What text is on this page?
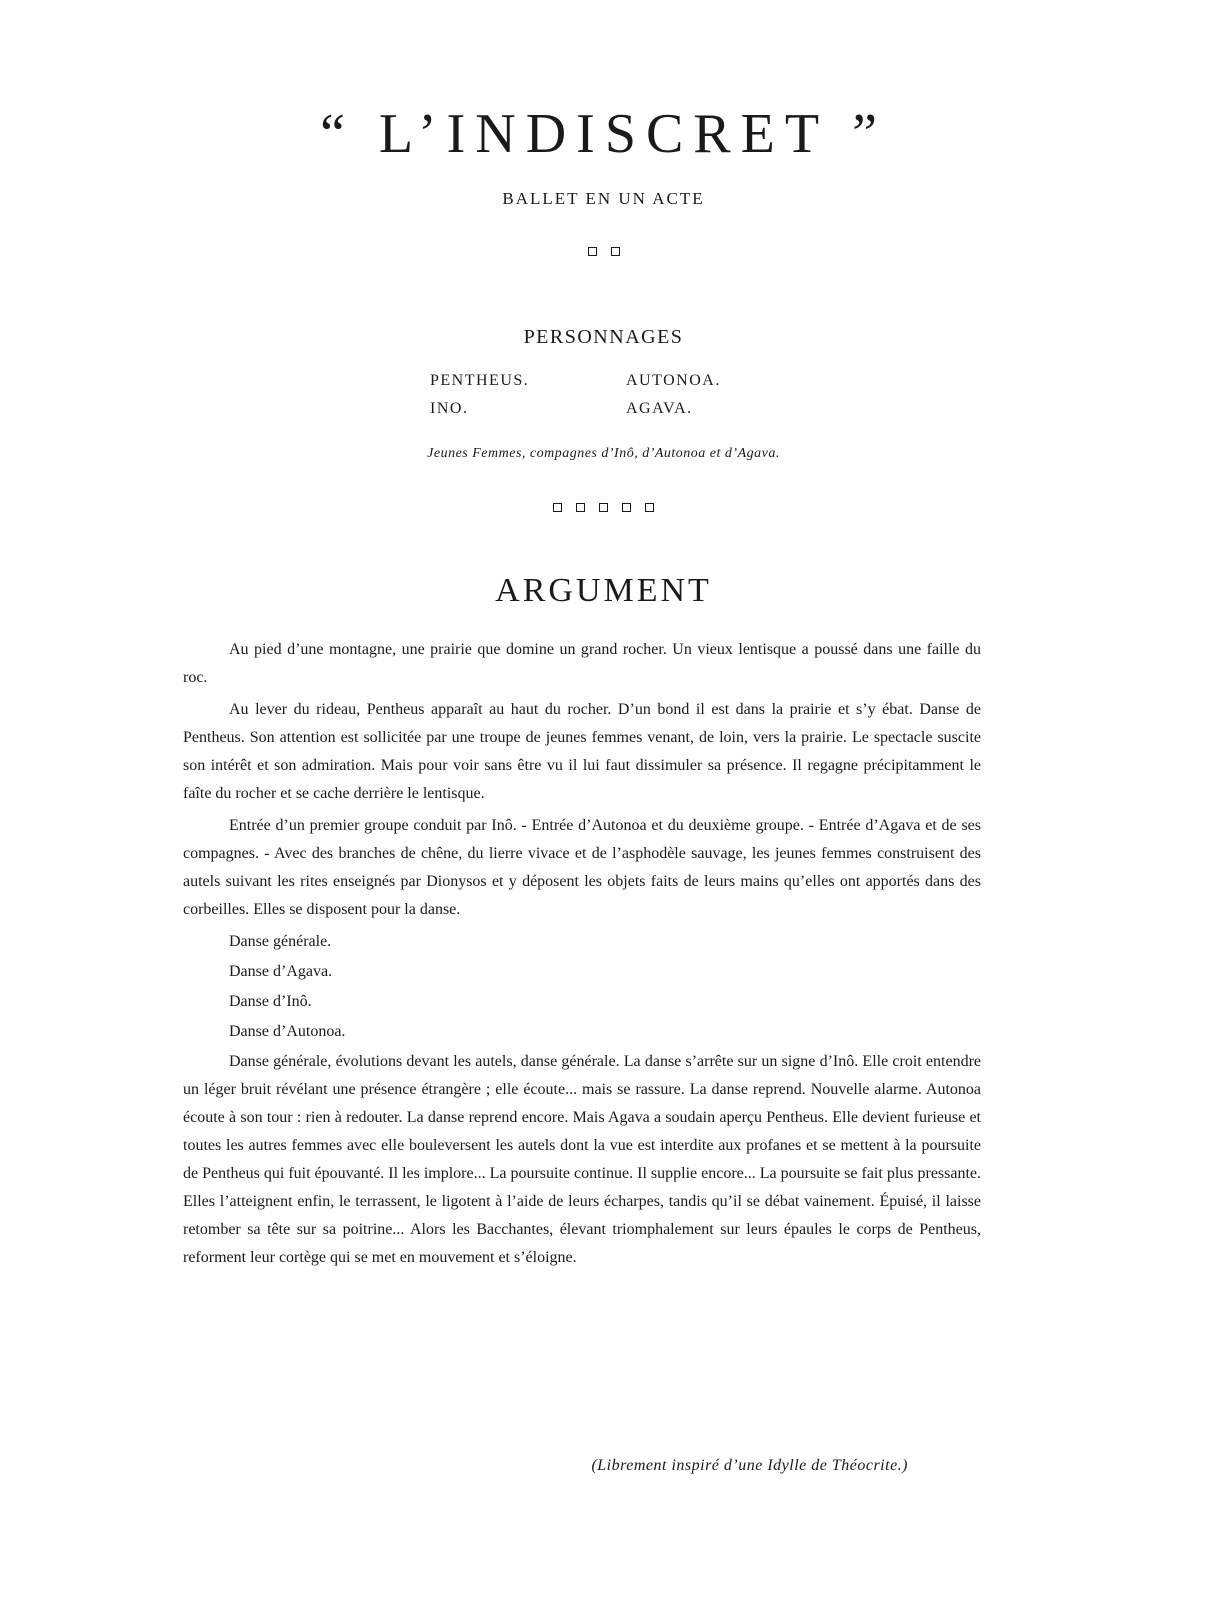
“ L’INDISCRET ”
BALLET EN UN ACTE
PERSONNAGES
PENTHEUS.	AUTONOA.
INO.	AGAVA.
Jeunes Femmes, compagnes d’Inô, d’Autonoa et d’Agava.
ARGUMENT

Au pied d’une montagne, une prairie que domine un grand rocher. Un vieux lentisque a poussé dans une faille du roc.

Au lever du rideau, Pentheus apparaît au haut du rocher. D’un bond il est dans la prairie et s’y ébat. Danse de Pentheus. Son attention est sollicitée par une troupe de jeunes femmes venant, de loin, vers la prairie. Le spectacle suscite son intérêt et son admiration. Mais pour voir sans être vu il lui faut dissimuler sa présence. Il regagne précipitamment le faîte du rocher et se cache derrière le lentisque.

Entrée d’un premier groupe conduit par Inô. - Entrée d’Autonoa et du deuxième groupe. - Entrée d’Agava et de ses compagnes. - Avec des branches de chêne, du lierre vivace et de l’asphodèle sauvage, les jeunes femmes construisent des autels suivant les rites enseignés par Dionysos et y déposent les objets faits de leurs mains qu’elles ont apportés dans des corbeilles. Elles se disposent pour la danse.

Danse générale.

Danse d’Agava.

Danse d’Inô.

Danse d’Autonoa.

Danse générale, évolutions devant les autels, danse générale. La danse s’arrête sur un signe d’Inô. Elle croit entendre un léger bruit révélant une présence étrangère ; elle écoute... mais se rassure. La danse reprend. Nouvelle alarme. Autonoa écoute à son tour : rien à redouter. La danse reprend encore. Mais Agava a soudain aperçu Pentheus. Elle devient furieuse et toutes les autres femmes avec elle bouleversent les autels dont la vue est interdite aux profanes et se mettent à la poursuite de Pentheus qui fuit épouvanté. Il les implore... La poursuite continue. Il supplie encore... La poursuite se fait plus pressante. Elles l’atteignent enfin, le terrassent, le ligotent à l’aide de leurs écharpes, tandis qu’il se débat vainement. Épuisé, il laisse retomber sa tête sur sa poitrine... Alors les Bacchantes, élevant triomphalement sur leurs épaules le corps de Pentheus, reforment leur cortège qui se met en mouvement et s’éloigne.

(Librement inspiré d’une Idylle de Théocrite.)
